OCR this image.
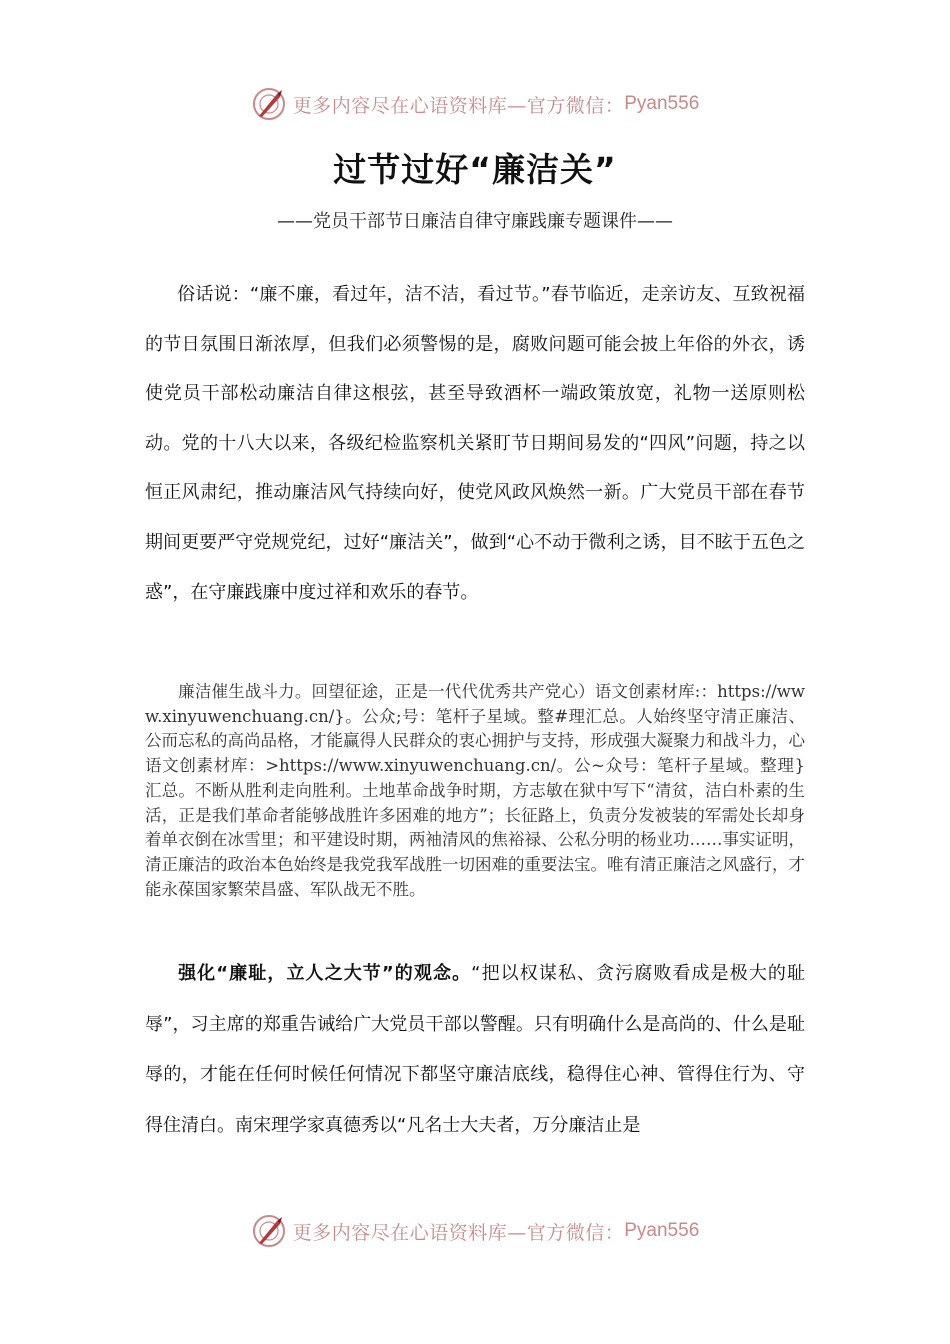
更多内容尽在心语资料库—官方微信： Pyan556
过节过好“廉洁关”

——党员干部节日廉洁自律守廉践廉专题课件——

俗话说：“廉不廉，看过年，洁不洁，看过节。”春节临近，走亲访友、互致祝福的节日氛围日渐浓厚，但我们必须警惕的是，腐败问题可能会披上年俗的外衣，诱使党员干部松动廉洁自律这根弦，甚至导致酒杯一端政策放宽，礼物一送原则松动。党的十八大以来，各级纪检监察机关紧盯节日期间易发的“四风”问题，持之以恒正风肃纪，推动廉洁风气持续向好，使党风政风焕然一新。广大党员干部在春节期间更要严守党规党纪，过好“廉洁关”，做到“心不动于微利之诱，目不眩于五色之惑”，在守廉践廉中度过祥和欢乐的春节。

廉洁催生战斗力。回望征途，正是一代代优秀共产党心）语文创素材库:：https://www.xinyuwenchuang.cn/}。公众;号：笔杆子星域。整#理汇总。人始终坚守清正廉洁、公而忘私的高尚品格，才能赢得人民群众的衷心拥护与支持，形成强大凝聚力和战斗力，心语文创素材库：>https://www.xinyuwenchuang.cn/。公~众号：笔杆子星域。整理}汇总。不断从胜利走向胜利。土地革命战争时期，方志敏在狱中写下“清贫，洁白朴素的生活，正是我们革命者能够战胜许多困难的地方”；长征路上，负责分发被装的军需处长却身着单衣倒在冰雪里；和平建设时期，两袖清风的焦裕禄、公私分明的杨业功……事实证明，清正廉洁的政治本色始终是我党我军战胜一切困难的重要法宝。唯有清正廉洁之风盛行，才能永葆国家繁荣昌盛、军队战无不胜。

强化“廉耻，立人之大节”的观念。“把以权谋私、贪污腐败看成是极大的耻辱”，习主席的郑重告诫给广大党员干部以警醒。只有明确什么是高尚的、什么是耻辱的，才能在任何时候任何情况下都坚守廉洁底线，稳得住心神、管得住行为、守得住清白。南宋理学家真德秀以“凡名士大夫者，万分廉洁止是

更多内容尽在心语资料库—官方微信： Pyan556
